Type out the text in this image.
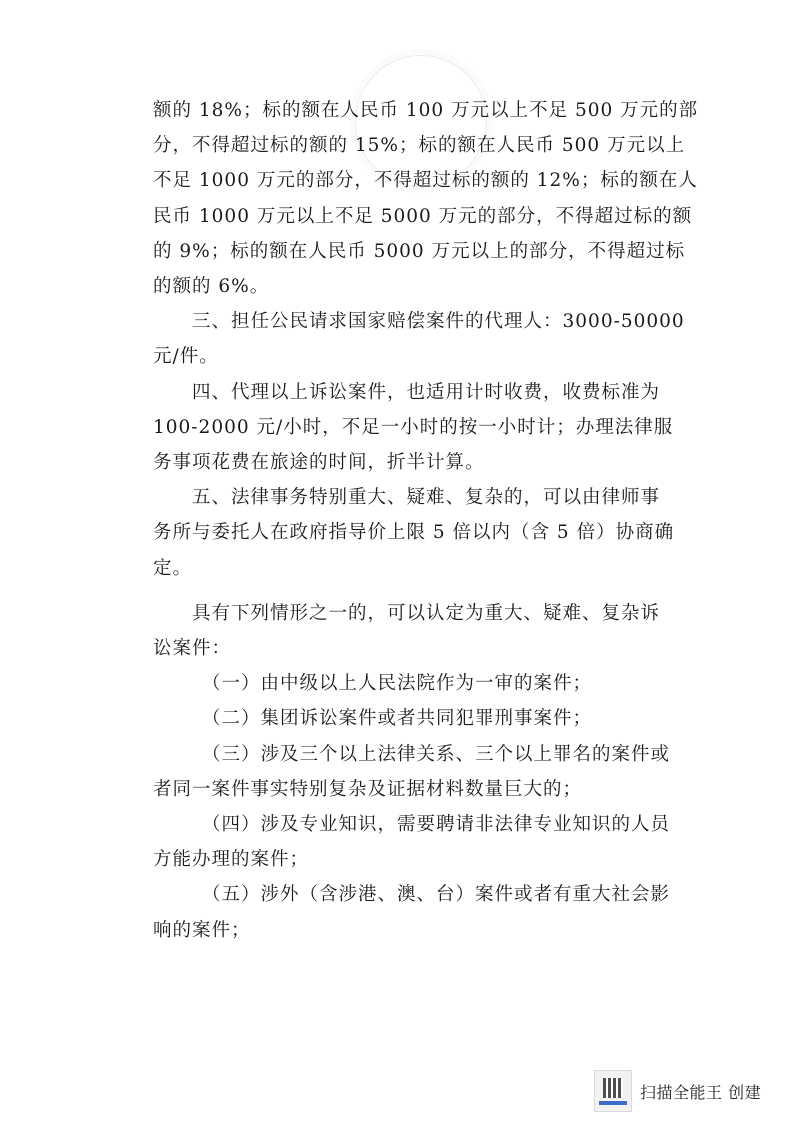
额的 18%；标的额在人民币 100 万元以上不足 500 万元的部
分，不得超过标的额的 15%；标的额在人民币 500 万元以上
不足 1000 万元的部分，不得超过标的额的 12%；标的额在人
民币 1000 万元以上不足 5000 万元的部分，不得超过标的额
的 9%；标的额在人民币 5000 万元以上的部分，不得超过标
的额的 6%。
三、担任公民请求国家赔偿案件的代理人：3000-50000
元/件。
四、代理以上诉讼案件，也适用计时收费，收费标准为
100-2000 元/小时，不足一小时的按一小时计；办理法律服
务事项花费在旅途的时间，折半计算。
五、法律事务特别重大、疑难、复杂的，可以由律师事
务所与委托人在政府指导价上限 5 倍以内（含 5 倍）协商确
定。
具有下列情形之一的，可以认定为重大、疑难、复杂诉
讼案件：
（一）由中级以上人民法院作为一审的案件；
（二）集团诉讼案件或者共同犯罪刑事案件；
（三）涉及三个以上法律关系、三个以上罪名的案件或
者同一案件事实特别复杂及证据材料数量巨大的；
（四）涉及专业知识，需要聘请非法律专业知识的人员
方能办理的案件；
（五）涉外（含涉港、澳、台）案件或者有重大社会影
响的案件；
扫描全能王 创建
